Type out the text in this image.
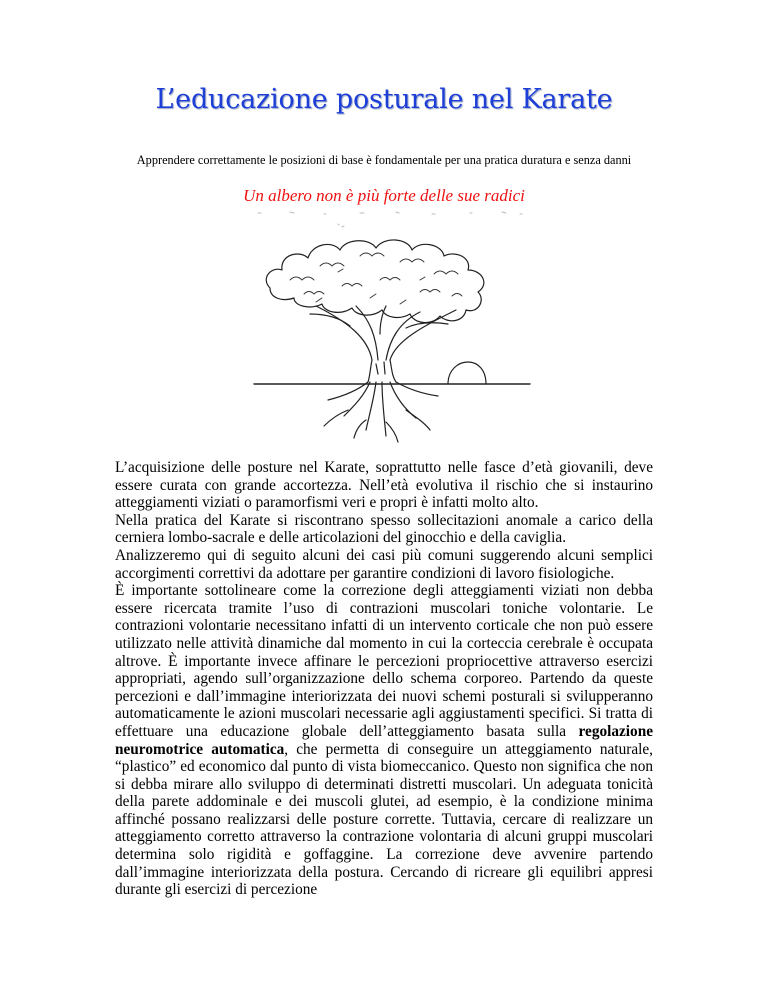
L’educazione posturale nel Karate

Apprendere correttamente le posizioni di base è fondamentale per una pratica duratura e senza danni

Un albero non è più forte delle sue radici

L’acquisizione delle posture nel Karate, soprattutto nelle fasce d’età giovanili, deve essere curata con grande accortezza. Nell’età evolutiva il rischio che si instaurino atteggiamenti viziati o paramorfismi veri e propri è infatti molto alto.

Nella pratica del Karate si riscontrano spesso sollecitazioni anomale a carico della cerniera lombo-sacrale e delle articolazioni del ginocchio e della caviglia.

Analizzeremo qui di seguito alcuni dei casi più comuni suggerendo alcuni semplici accorgimenti correttivi da adottare per garantire condizioni di lavoro fisiologiche.

È importante sottolineare come la correzione degli atteggiamenti viziati non debba essere ricercata tramite l’uso di contrazioni muscolari toniche volontarie. Le contrazioni volontarie necessitano infatti di un intervento corticale che non può essere utilizzato nelle attività dinamiche dal momento in cui la corteccia cerebrale è occupata altrove. È importante invece affinare le percezioni propriocettive attraverso esercizi appropriati, agendo sull’organizzazione dello schema corporeo. Partendo da queste percezioni e dall’immagine interiorizzata dei nuovi schemi posturali si svilupperanno automaticamente le azioni muscolari necessarie agli aggiustamenti specifici. Si tratta di effettuare una educazione globale dell’atteggiamento basata sulla regolazione neuromotrice automatica, che permetta di conseguire un atteggiamento naturale, “plastico” ed economico dal punto di vista biomeccanico. Questo non significa che non si debba mirare allo sviluppo di determinati distretti muscolari. Un adeguata tonicità della parete addominale e dei muscoli glutei, ad esempio, è la condizione minima affinché possano realizzarsi delle posture corrette. Tuttavia, cercare di realizzare un atteggiamento corretto attraverso la contrazione volontaria di alcuni gruppi muscolari determina solo rigidità e goffaggine. La correzione deve avvenire partendo dall’immagine interiorizzata della postura. Cercando di ricreare gli equilibri appresi durante gli esercizi di percezione
